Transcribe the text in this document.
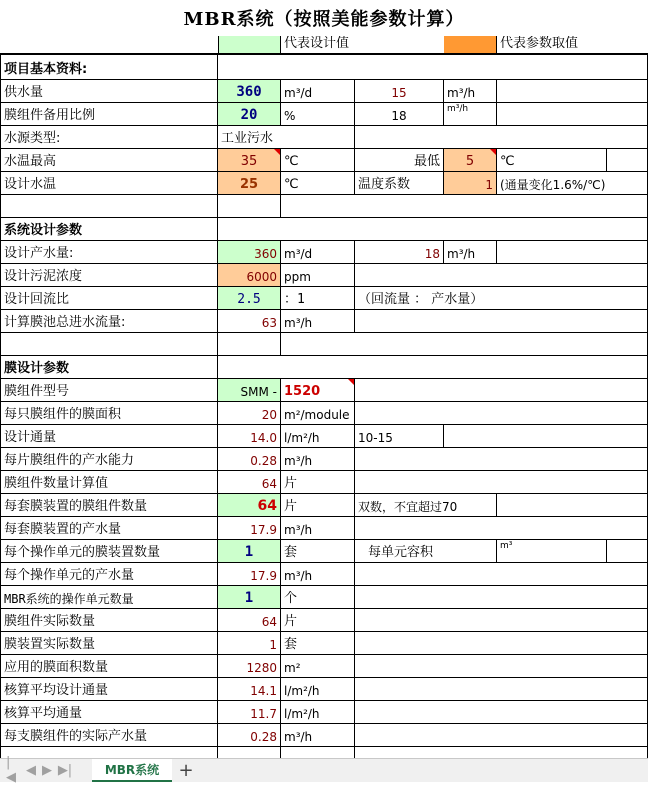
MBR系统（按照美能参数计算）
代表设计值	代表参数取值
项目基本资料:
供水量	360	m³/d	15	m³/h
膜组件备用比例	20	%	18	m³/h
水源类型:	工业污水
水温最高	35 ℃	最低	5 ℃
设计水温	25	℃	温度系数	1 (通量变化1.6%/℃)
系统设计参数
设计产水量:	360 m³/d	18 m³/h
设计污泥浓度	6000 ppm
设计回流比	2.5	：1	（回流量 ： 产水量）
计算膜池总进水流量:	63 m³/h
膜设计参数
膜组件型号	SMM - 1520
每只膜组件的膜面积	20 m²/module
设计通量	14.0 l/m²/h	10-15
每片膜组件的产水能力	0.28 m³/h
膜组件数量计算值	64 片
每套膜装置的膜组件数量	64 片	双数，不宜超过70
每套膜装置的产水量	17.9 m³/h
每个操作单元的膜装置数量	1	套	每单元容积	m³
每个操作单元的产水量	17.9 m³/h
MBR系统的操作单元数量	1	个
膜组件实际数量	64 片
膜装置实际数量	1 套
应用的膜面积数量	1280 m²
核算平均设计通量	14.1 l/m²/h
核算平均通量	11.7 l/m²/h
每支膜组件的实际产水量	0.28 m³/h
|◀ ◀ ▶ ▶|	MBR系统	+
